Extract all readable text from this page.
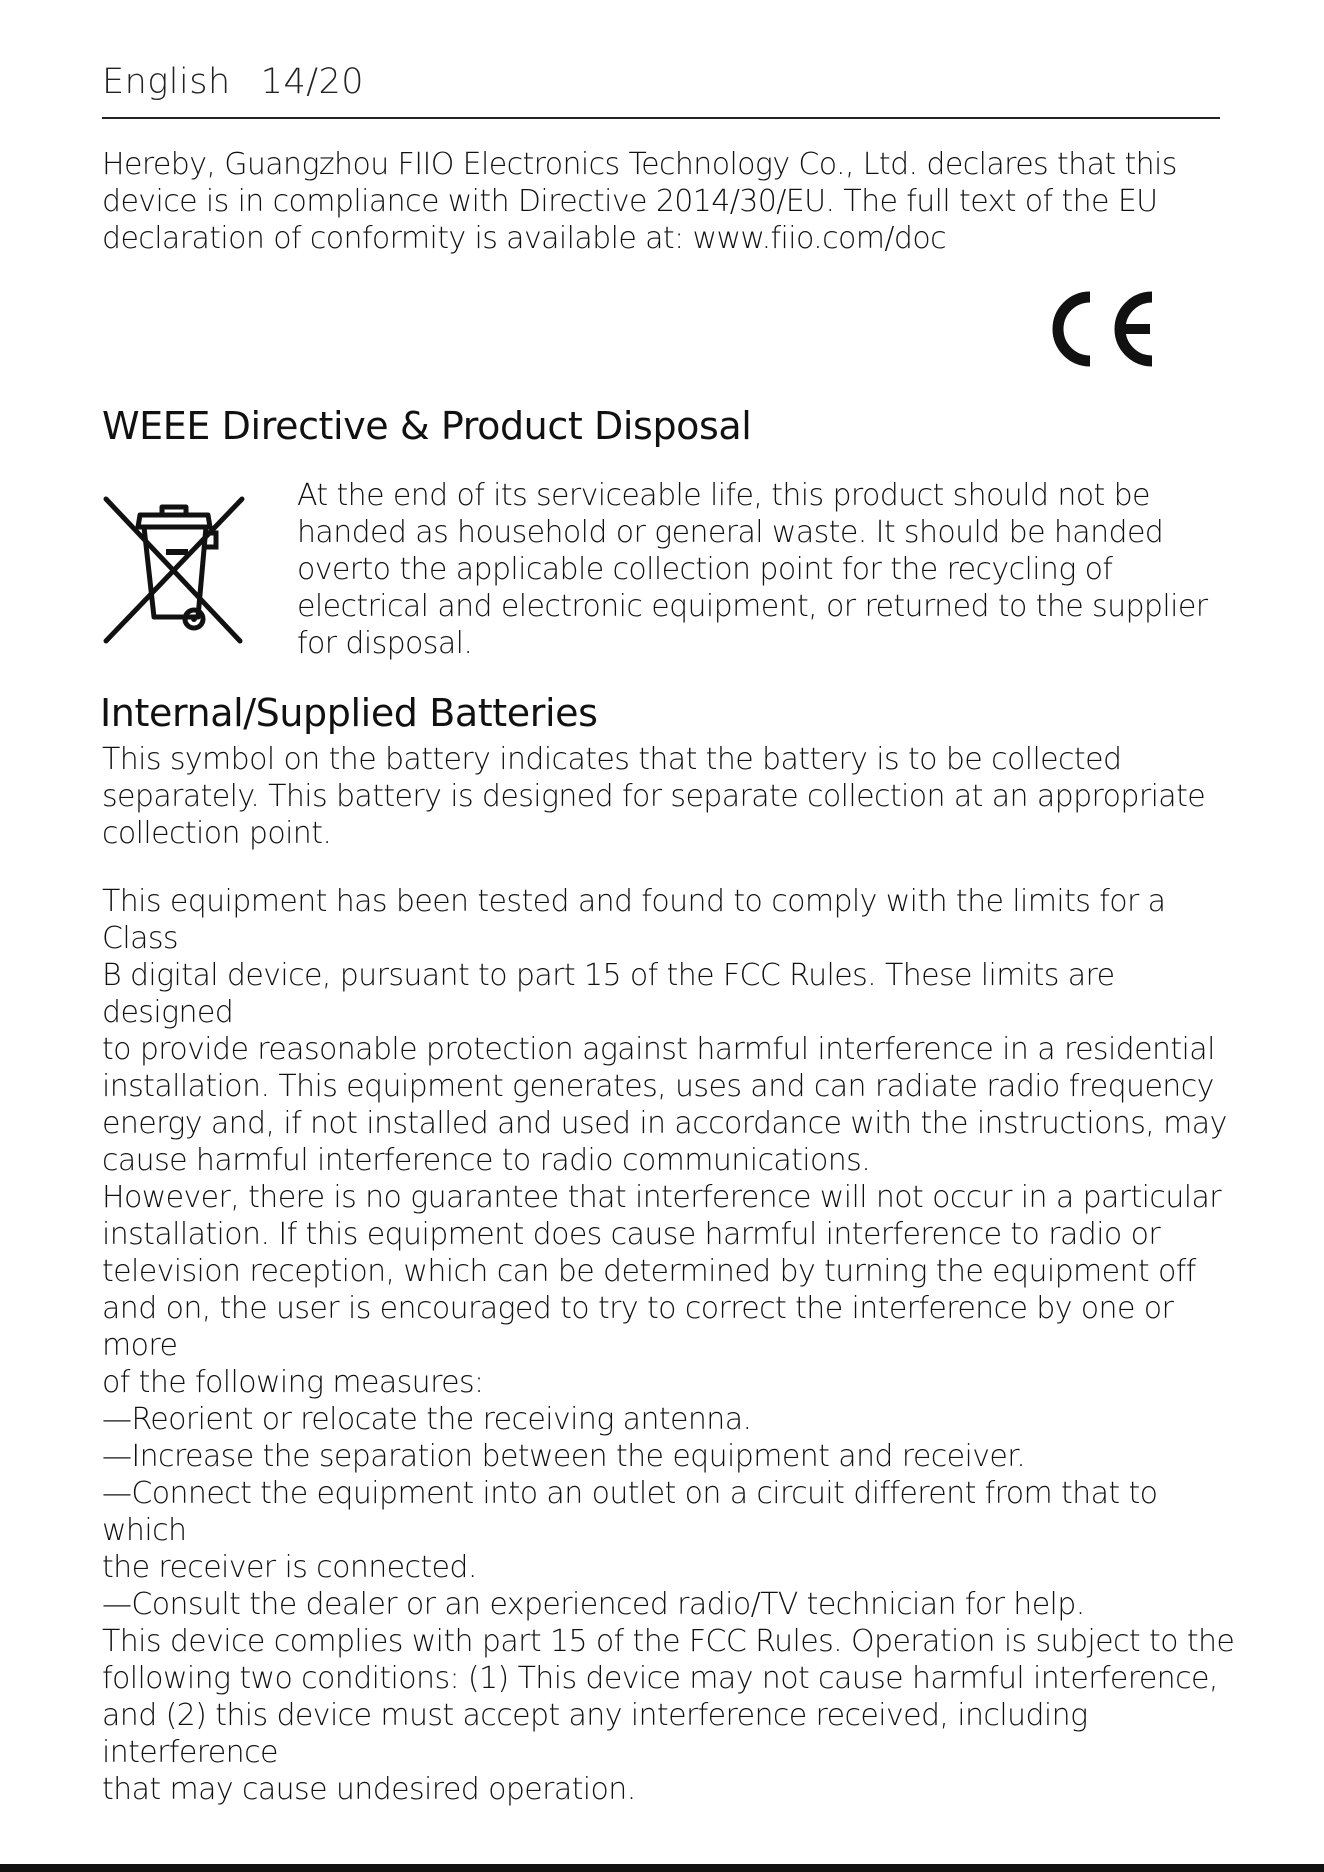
English 14/20

Hereby, Guangzhou FIIO Electronics Technology Co., Ltd. declares that this
device is in compliance with Directive 2014/30/EU. The full text of the EU
declaration of conformity is available at: www.fiio.com/doc

WEEE Directive & Product Disposal

At the end of its serviceable life, this product should not be
handed as household or general waste. It should be handed
overto the applicable collection point for the recycling of
electrical and electronic equipment, or returned to the supplier
for disposal.

Internal/Supplied Batteries

This symbol on the battery indicates that the battery is to be collected
separately. This battery is designed for separate collection at an appropriate
collection point.

This equipment has been tested and found to comply with the limits for a Class
B digital device, pursuant to part 15 of the FCC Rules. These limits are designed
to provide reasonable protection against harmful interference in a residential
installation. This equipment generates, uses and can radiate radio frequency
energy and, if not installed and used in accordance with the instructions, may
cause harmful interference to radio communications.
However, there is no guarantee that interference will not occur in a particular
installation. If this equipment does cause harmful interference to radio or
television reception, which can be determined by turning the equipment off
and on, the user is encouraged to try to correct the interference by one or more
of the following measures:
—Reorient or relocate the receiving antenna.
—Increase the separation between the equipment and receiver.
—Connect the equipment into an outlet on a circuit different from that to which
the receiver is connected.
—Consult the dealer or an experienced radio/TV technician for help.
This device complies with part 15 of the FCC Rules. Operation is subject to the
following two conditions: (1) This device may not cause harmful interference,
and (2) this device must accept any interference received, including interference
that may cause undesired operation.
